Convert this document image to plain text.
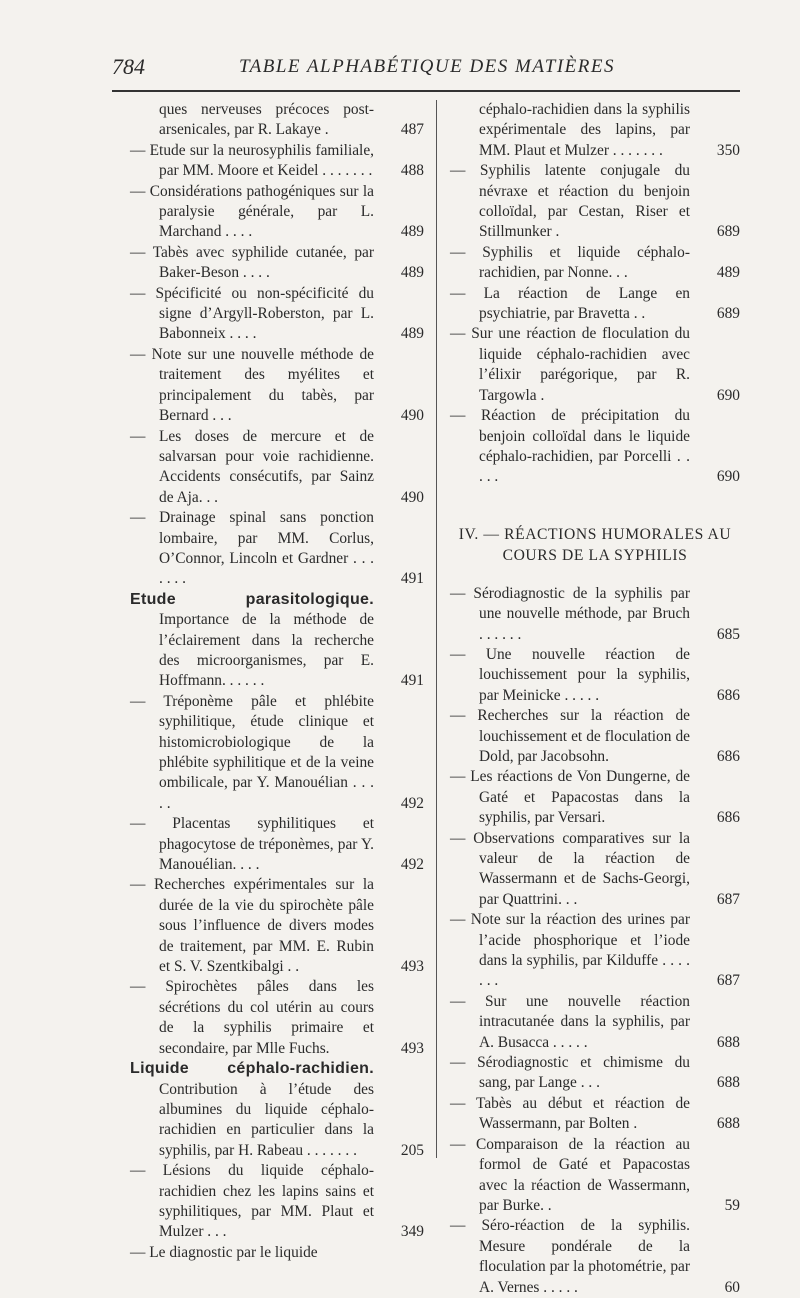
784	TABLE ALPHABÉTIQUE DES MATIÈRES
ques nerveuses précoces post-arsenicales, par R. Lakaye .	487
— Etude sur la neurosyphilis familiale, par MM. Moore et Keidel . . . . . . .	488
— Considérations pathogéniques sur la paralysie générale, par L. Marchand . . . .	489
— Tabès avec syphilide cutanée, par Baker-Beson . . . .	489
— Spécificité ou non-spécificité du signe d’Argyll-Roberston, par L. Babonneix . . . .	489
— Note sur une nouvelle méthode de traitement des myélites et principalement du tabès, par Bernard . . .	490
— Les doses de mercure et de salvarsan pour voie rachidienne. Accidents consécutifs, par Sainz de Aja. . .	490
— Drainage spinal sans ponction lombaire, par MM. Corlus, O’Connor, Lincoln et Gardner . . . . . . .	491
Etude parasitologique. Importance de la méthode de l’éclairement dans la recherche des microorganismes, par E. Hoffmann. . . . . .	491
— Tréponème pâle et phlébite syphilitique, étude clinique et histomicrobiologique de la phlébite syphilitique et de la veine ombilicale, par Y. Manouélian . . . . .	492
— Placentas syphilitiques et phagocytose de tréponèmes, par Y. Manouélian. . . .	492
— Recherches expérimentales sur la durée de la vie du spirochète pâle sous l’influence de divers modes de traitement, par MM. E. Rubin et S. V. Szentkibalgi . .	493
— Spirochètes pâles dans les sécrétions du col utérin au cours de la syphilis primaire et secondaire, par Mlle Fuchs.	493
Liquide céphalo-rachidien. Contribution à l’étude des albumines du liquide céphalo-rachidien en particulier dans la syphilis, par H. Rabeau . . . . . . .	205
— Lésions du liquide céphalo-rachidien chez les lapins sains et syphilitiques, par MM. Plaut et Mulzer . . .	349
— Le diagnostic par le liquide
céphalo-rachidien dans la syphilis expérimentale des lapins, par MM. Plaut et Mulzer . . . . . . .	350
— Syphilis latente conjugale du névraxe et réaction du benjoin colloïdal, par Cestan, Riser et Stillmunker .	689
— Syphilis et liquide céphalo-rachidien, par Nonne. . .	489
— La réaction de Lange en psychiatrie, par Bravetta . .	689
— Sur une réaction de floculation du liquide céphalo-rachidien avec l’élixir parégorique, par R. Targowla .	690
— Réaction de précipitation du benjoin colloïdal dans le liquide céphalo-rachidien, par Porcelli . . . . .	690
IV. — RÉACTIONS HUMORALES AU COURS DE LA SYPHILIS
— Sérodiagnostic de la syphilis par une nouvelle méthode, par Bruch . . . . . .	685
— Une nouvelle réaction de louchissement pour la syphilis, par Meinicke . . . . .	686
— Recherches sur la réaction de louchissement et de floculation de Dold, par Jacobsohn.	686
— Les réactions de Von Dungerne, de Gaté et Papacostas dans la syphilis, par Versari.	686
— Observations comparatives sur la valeur de la réaction de Wassermann et de Sachs-Georgi, par Quattrini. . .	687
— Note sur la réaction des urines par l’acide phosphorique et l’iode dans la syphilis, par Kilduffe . . . . . . .	687
— Sur une nouvelle réaction intracutanée dans la syphilis, par A. Busacca . . . . .	688
— Sérodiagnostic et chimisme du sang, par Lange . . .	688
— Tabès au début et réaction de Wassermann, par Bolten .	688
— Comparaison de la réaction au formol de Gaté et Papacostas avec la réaction de Wassermann, par Burke. .	59
— Séro-réaction de la syphilis. Mesure pondérale de la floculation par la photométrie, par A. Vernes . . . . .	60
